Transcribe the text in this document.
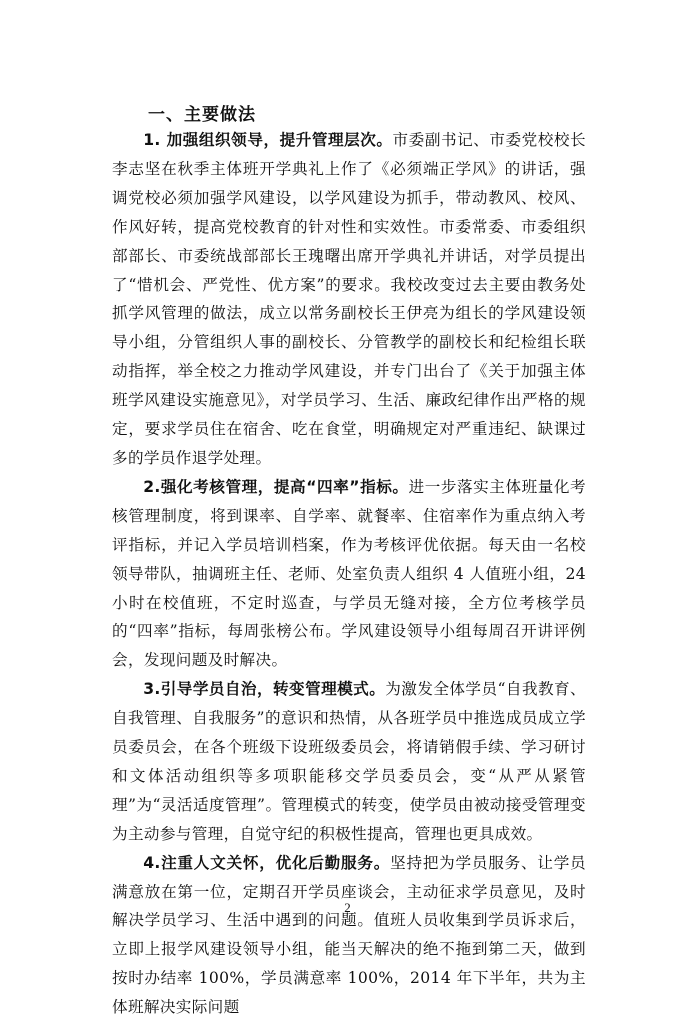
一、主要做法

1. 加强组织领导，提升管理层次。市委副书记、市委党校校长李志坚在秋季主体班开学典礼上作了《必须端正学风》的讲话，强调党校必须加强学风建设，以学风建设为抓手，带动教风、校风、作风好转，提高党校教育的针对性和实效性。市委常委、市委组织部部长、市委统战部部长王瑰曙出席开学典礼并讲话，对学员提出了“惜机会、严党性、优方案”的要求。我校改变过去主要由教务处抓学风管理的做法，成立以常务副校长王伊亮为组长的学风建设领导小组，分管组织人事的副校长、分管教学的副校长和纪检组长联动指挥，举全校之力推动学风建设，并专门出台了《关于加强主体班学风建设实施意见》，对学员学习、生活、廉政纪律作出严格的规定，要求学员住在宿舍、吃在食堂，明确规定对严重违纪、缺课过多的学员作退学处理。

2.强化考核管理，提高“四率”指标。进一步落实主体班量化考核管理制度，将到课率、自学率、就餐率、住宿率作为重点纳入考评指标，并记入学员培训档案，作为考核评优依据。每天由一名校领导带队，抽调班主任、老师、处室负责人组织 4 人值班小组，24 小时在校值班，不定时巡查，与学员无缝对接，全方位考核学员的“四率”指标，每周张榜公布。学风建设领导小组每周召开讲评例会，发现问题及时解决。

3.引导学员自治，转变管理模式。为激发全体学员“自我教育、自我管理、自我服务”的意识和热情，从各班学员中推选成员成立学员委员会，在各个班级下设班级委员会，将请销假手续、学习研讨和文体活动组织等多项职能移交学员委员会，变“从严从紧管理”为“灵活适度管理”。管理模式的转变，使学员由被动接受管理变为主动参与管理，自觉守纪的积极性提高，管理也更具成效。

4.注重人文关怀，优化后勤服务。坚持把为学员服务、让学员满意放在第一位，定期召开学员座谈会，主动征求学员意见，及时解决学员学习、生活中遇到的问题。值班人员收集到学员诉求后，立即上报学风建设领导小组，能当天解决的绝不拖到第二天，做到按时办结率 100%，学员满意率 100%，2014 年下半年，共为主体班解决实际问题

2
